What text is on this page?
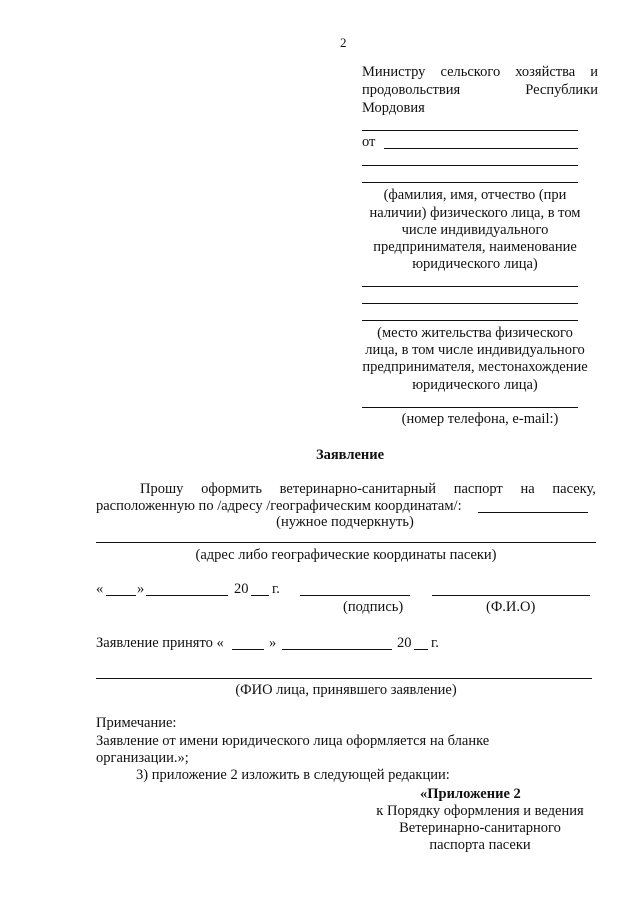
2
Министру сельского хозяйства и
продовольствия	Республики
Мордовия
от
(фамилия, имя, отчество (при
наличии) физического лица, в том
числе индивидуального
предпринимателя, наименование
юридического лица)
(место жительства физического
лица, в том числе индивидуального
предпринимателя, местонахождение
юридического лица)
(номер телефона, e-mail:)
Заявление
Прошу оформить ветеринарно-санитарный паспорт на пасеку,
расположенную по /адресу /географическим координатам/:
(нужное подчеркнуть)
(адрес либо географические координаты пасеки)
« »	20 г.
(подпись)	(Ф.И.О)
Заявление принято «	»	20 г.
(ФИО лица, принявшего заявление)
Примечание:
Заявление от имени юридического лица оформляется на бланке
организации.»;
3) приложение 2 изложить в следующей редакции:
«Приложение 2
к Порядку оформления и ведения
Ветеринарно-санитарного
паспорта пасеки
